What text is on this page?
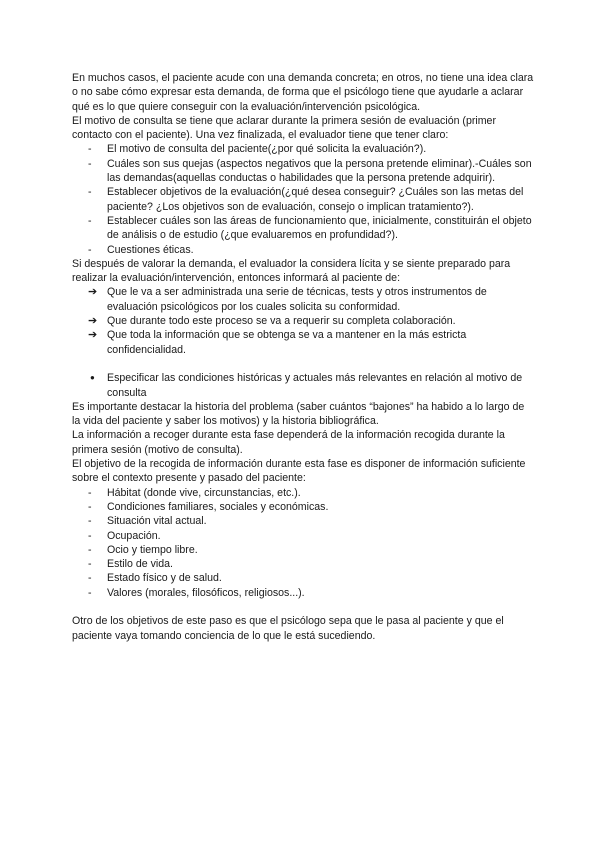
En muchos casos, el paciente acude con una demanda concreta; en otros, no tiene una idea clara o no sabe cómo expresar esta demanda, de forma que el psicólogo tiene que ayudarle a aclarar qué es lo que quiere conseguir con la evaluación/intervención psicológica.

El motivo de consulta se tiene que aclarar durante la primera sesión de evaluación (primer contacto con el paciente). Una vez finalizada, el evaluador tiene que tener claro:

- El motivo de consulta del paciente(¿por qué solicita la evaluación?).
- Cuáles son sus quejas (aspectos negativos que la persona pretende eliminar).-Cuáles son las demandas(aquellas conductas o habilidades que la persona pretende adquirir).
- Establecer objetivos de la evaluación(¿qué desea conseguir? ¿Cuáles son las metas del paciente? ¿Los objetivos son de evaluación, consejo o implican tratamiento?).
- Establecer cuáles son las áreas de funcionamiento que, inicialmente, constituirán el objeto de análisis o de estudio (¿que evaluaremos en profundidad?).
- Cuestiones éticas.

Si después de valorar la demanda, el evaluador la considera lícita y se siente preparado para realizar la evaluación/intervención, entonces informará al paciente de:

➔ Que le va a ser administrada una serie de técnicas, tests y otros instrumentos de evaluación psicológicos por los cuales solicita su conformidad.
➔ Que durante todo este proceso se va a requerir su completa colaboración.
➔ Que toda la información que se obtenga se va a mantener en la más estricta confidencialidad.
● Especificar las condiciones históricas y actuales más relevantes en relación al motivo de consulta

Es importante destacar la historia del problema (saber cuántos “bajones” ha habido a lo largo de la vida del paciente y saber los motivos) y la historia bibliográfica.

La información a recoger durante esta fase dependerá de la información recogida durante la primera sesión (motivo de consulta).

El objetivo de la recogida de información durante esta fase es disponer de información suficiente sobre el contexto presente y pasado del paciente:

- Hábitat (donde vive, circunstancias, etc.).
- Condiciones familiares, sociales y económicas.
- Situación vital actual.
- Ocupación.
- Ocio y tiempo libre.
- Estilo de vida.
- Estado físico y de salud.
- Valores (morales, filosóficos, religiosos...).

Otro de los objetivos de este paso es que el psicólogo sepa que le pasa al paciente y que el paciente vaya tomando conciencia de lo que le está sucediendo.
